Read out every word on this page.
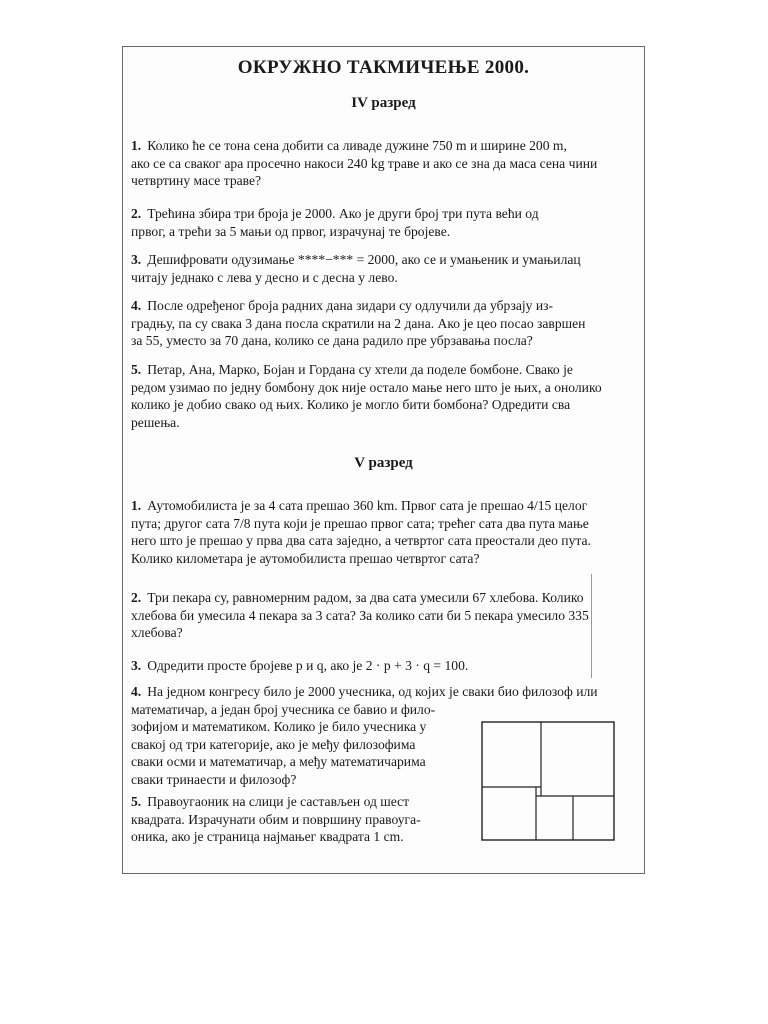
ОКРУЖНО ТАКМИЧЕЊЕ 2000.
IV разред
1. Колико ће се тона сена добити са ливаде дужине 750 m и ширине 200 m,
ако се са сваког ара просечно накоси 240 kg траве и ако се зна да маса сена чини
четвртину масе траве?
2. Трећина збира три броја је 2000. Ако је други број три пута већи од
првог, а трећи за 5 мањи од првог, израчунај те бројеве.
3. Дешифровати одузимање ****−*** = 2000, ако се и умањеник и умањилац
читају једнако с лева у десно и с десна у лево.
4. После одређеног броја радних дана зидари су одлучили да убрзају из-
градњу, па су свака 3 дана посла скратили на 2 дана. Ако је цео посао завршен
за 55, уместо за 70 дана, колико се дана радило пре убрзавања посла?
5. Петар, Ана, Марко, Бојан и Гордана су хтели да поделе бомбоне. Свако је
редом узимао по једну бомбону док није остало мање него што је њих, а онолико
колико је добио свако од њих. Колико је могло бити бомбона? Одредити сва
решења.
V разред
1. Аутомобилиста је за 4 сата прешао 360 km. Првог сата је прешао 4/15 целог
пута; другог сата 7/8 пута који је прешао првог сата; трећег сата два пута мање
него што је прешао у прва два сата заједно, а четвртог сата преостали део пута.
Колико километара је аутомобилиста прешао четвртог сата?
2. Три пекара су, равномерним радом, за два сата умесили 67 хлебова. Колико
хлебова би умесила 4 пекара за 3 сата? За колико сати би 5 пекара умесило 335
хлебова?
3. Одредити просте бројеве p и q, ако је 2 · p + 3 · q = 100.
4. На једном конгресу било је 2000 учесника, од којих је сваки био филозоф или
математичар, а један број учесника се бавио и фило-
зофијом и математиком. Колико је било учесника у
свакој од три категорије, ако је међу филозофима
сваки осми и математичар, а међу математичарима
сваки тринаести и филозоф?
5. Правоугаоник на слици је састављен од шест
квадрата. Израчунати обим и површину правоуга-
оника, ако је страница најмањег квадрата 1 cm.
